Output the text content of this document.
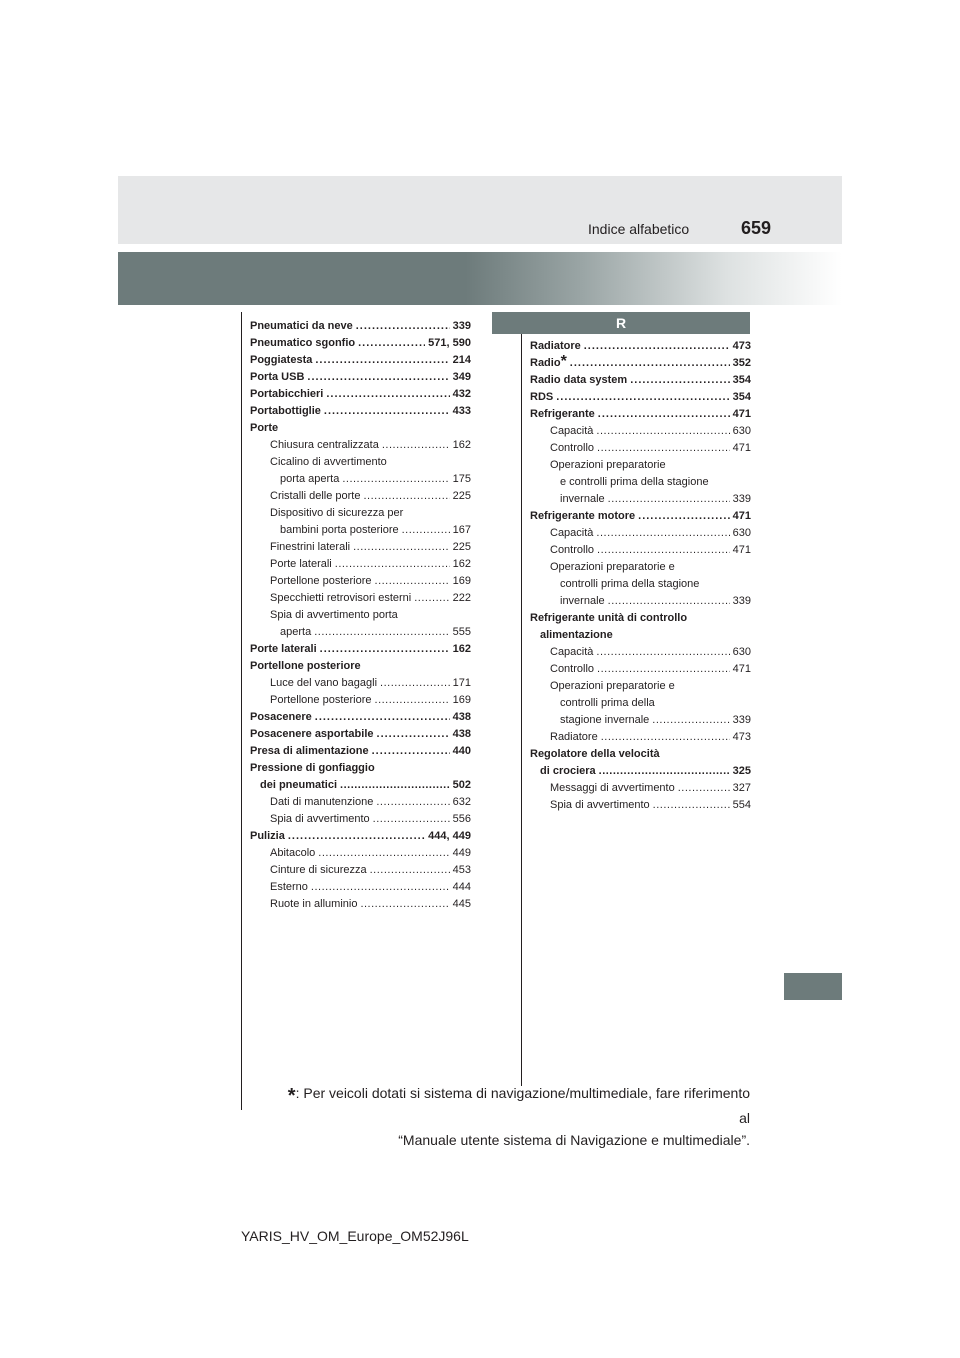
Indice alfabetico	659
R
Pneumatici da neve .....	339
Pneumatico sgonfio .....	571, 590
Poggiatesta .....	214
Porta USB .....	349
Portabicchieri .....	432
Portabottiglie .....	433
Porte
Chiusura centralizzata .....	162
Cicalino di avvertimento
porta aperta .....	175
Cristalli delle porte .....	225
Dispositivo di sicurezza per
bambini porta posteriore .....	167
Finestrini laterali .....	225
Porte laterali .....	162
Portellone posteriore .....	169
Specchietti retrovisori esterni .....	222
Spia di avvertimento porta
aperta .....	555
Porte laterali .....	162
Portellone posteriore
Luce del vano bagagli .....	171
Portellone posteriore .....	169
Posacenere .....	438
Posacenere asportabile .....	438
Presa di alimentazione .....	440
Pressione di gonfiaggio
dei pneumatici .....	502
Dati di manutenzione .....	632
Spia di avvertimento .....	556
Pulizia .....	444, 449
Abitacolo .....	449
Cinture di sicurezza .....	453
Esterno .....	444
Ruote in alluminio .....	445
Radiatore .....	473
Radio * .....	352
Radio data system .....	354
RDS .....	354
Refrigerante .....	471
Capacità .....	630
Controllo .....	471
Operazioni preparatorie
e controlli prima della stagione
invernale .....	339
Refrigerante motore .....	471
Capacità .....	630
Controllo .....	471
Operazioni preparatorie e
controlli prima della stagione
invernale .....	339
Refrigerante unità di controllo
alimentazione
Capacità .....	630
Controllo .....	471
Operazioni preparatorie e
controlli prima della
stagione invernale .....	339
Radiatore .....	473
Regolatore della velocità
di crociera .....	325
Messaggi di avvertimento .....	327
Spia di avvertimento .....	554
*: Per veicoli dotati si sistema di navigazione/multimediale, fare riferimento al
“Manuale utente sistema di Navigazione e multimediale”.
YARIS_HV_OM_Europe_OM52J96L
